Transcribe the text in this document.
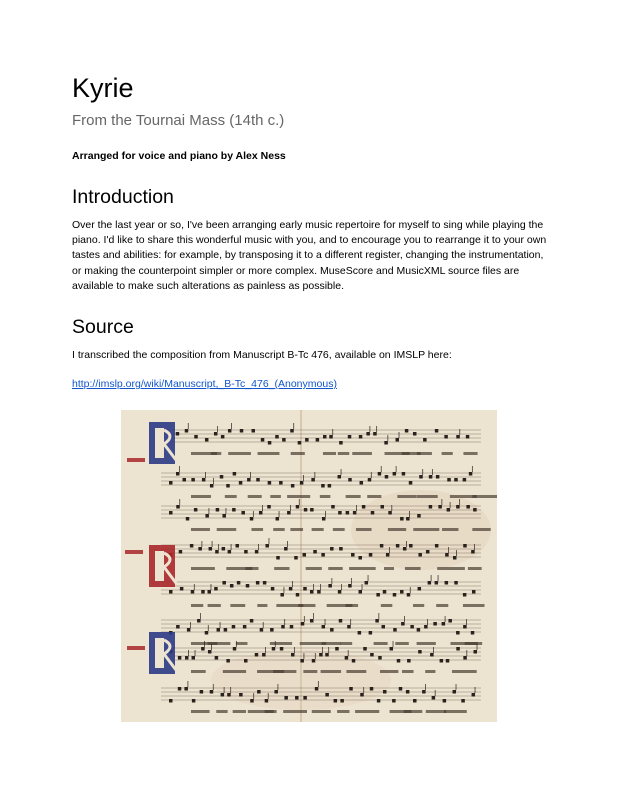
Kyrie

From the Tournai Mass (14th c.)

Arranged for voice and piano by Alex Ness

Introduction

Over the last year or so, I've been arranging early music repertoire for myself to sing while playing the piano. I'd like to share this wonderful music with you, and to encourage you to rearrange it to your own tastes and abilities: for example, by transposing it to a different register, changing the instrumentation, or making the counterpoint simpler or more complex. MuseScore and MusicXML source files are available to make such alterations as painless as possible.

Source

I transcribed the composition from Manuscript B-Tc 476, available on IMSLP here:

http://imslp.org/wiki/Manuscript,_B-Tc_476_(Anonymous)
